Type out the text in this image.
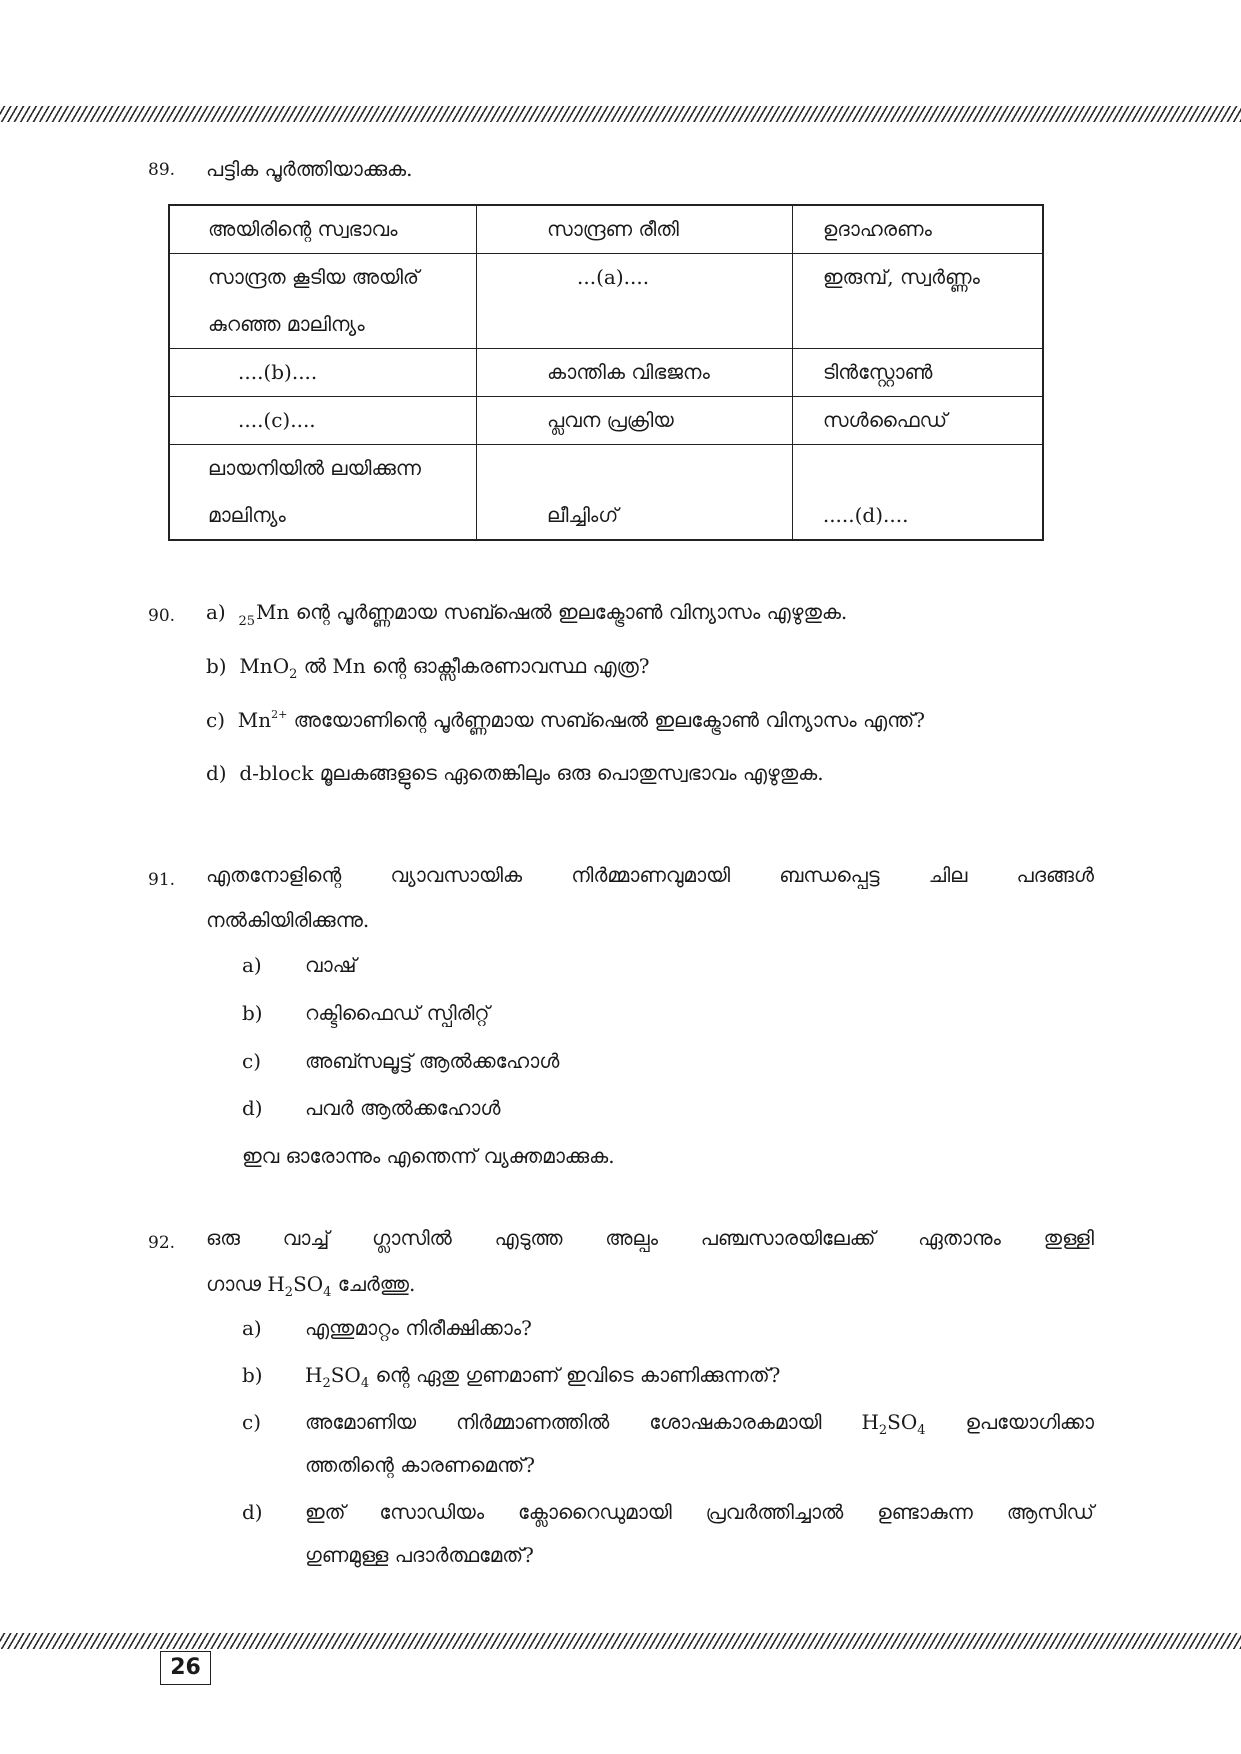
89. പട്ടിക പൂർത്തിയാക്കുക.
അയിരിന്റെ സ്വഭാവം	സാന്ദ്രണ രീതി	ഉദാഹരണം

സാന്ദ്രത കൂടിയ അയിര്
കുറഞ്ഞ മാലിന്യം	...(a)....	ഇരുമ്പ്, സ്വർണ്ണം

....(b)....	കാന്തിക വിഭജനം	ടിൻസ്റ്റോൺ

....(c)....	പ്ലവന പ്രക്രിയ	സൾഫൈഡ്

ലായനിയിൽ ലയിക്കുന്ന
മാലിന്യം	ലീച്ചിംഗ്	.....(d)....
90. a) $_{25}$Mn ന്റെ പൂർണ്ണമായ സബ്ഷെൽ ഇലക്ട്രോൺ വിന്യാസം എഴുതുക.
b) MnO$_2$ ൽ Mn ന്റെ ഓക്സീകരണാവസ്ഥ എത്ര?
c) $Mn^{2+}$ അയോണിന്റെ പൂർണ്ണമായ സബ്ഷെൽ ഇലക്ട്രോൺ വിന്യാസം എന്ത്?
d) d-block മൂലകങ്ങളുടെ ഏതെങ്കിലും ഒരു പൊതുസ്വഭാവം എഴുതുക.
91. എതനോളിന്റെ വ്യാവസായിക നിർമ്മാണവുമായി ബന്ധപ്പെട്ട ചില പദങ്ങൾ
നൽകിയിരിക്കുന്നു.
a) വാഷ്
b) റക്ടിഫൈഡ് സ്പിരിറ്റ്
c) അബ്സലൂട്ട് ആൽക്കഹോൾ
d) പവർ ആൽക്കഹോൾ
ഇവ ഓരോന്നും എന്തെന്ന് വ്യക്തമാക്കുക.
92. ഒരു വാച്ച് ഗ്ലാസിൽ എടുത്ത അല്പം പഞ്ചസാരയിലേക്ക് ഏതാനും തുള്ളി
ഗാഢ $H_2SO_4$ ചേർത്തു.
a) എന്തുമാറ്റം നിരീക്ഷിക്കാം?
b) $H_2SO_4$ ന്റെ ഏതു ഗുണമാണ് ഇവിടെ കാണിക്കുന്നത്?
c) അമോണിയ നിർമ്മാണത്തിൽ ശോഷകാരകമായി $H_2SO_4$ ഉപയോഗിക്കാ
ത്തതിന്റെ കാരണമെന്ത്?
d) ഇത് സോഡിയം ക്ലോറൈഡുമായി പ്രവർത്തിച്ചാൽ ഉണ്ടാകുന്ന ആസിഡ്
ഗുണമുള്ള പദാർത്ഥമേത്?
26
